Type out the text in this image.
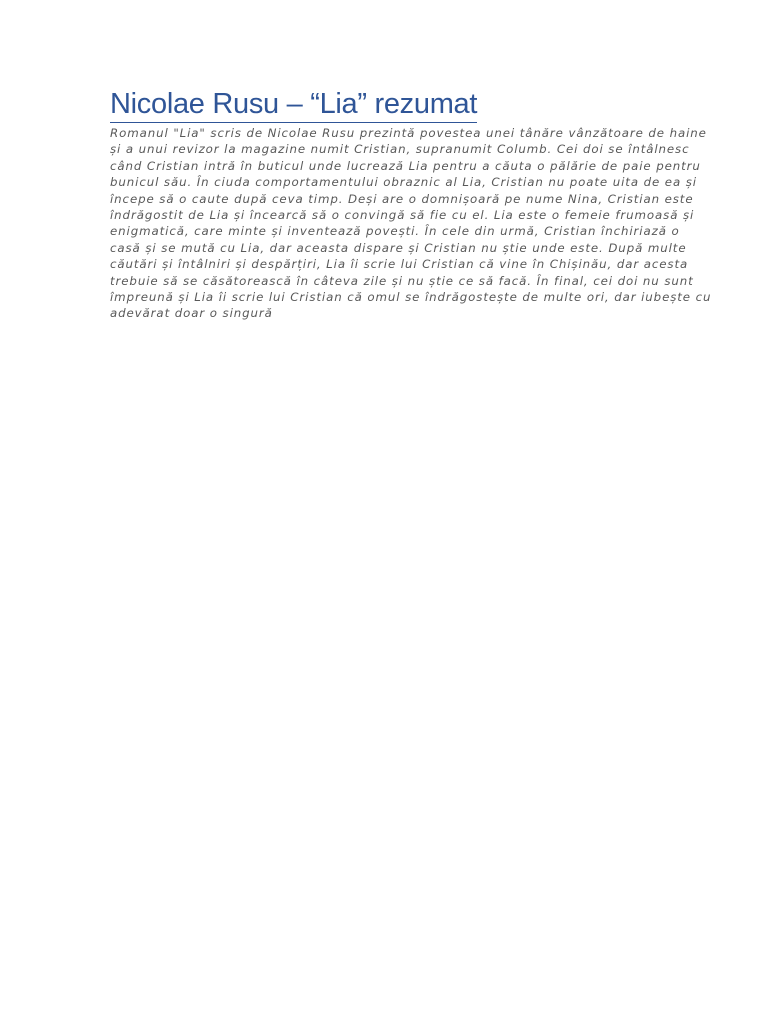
Nicolae Rusu – “Lia” rezumat

Romanul "Lia" scris de Nicolae Rusu prezintă povestea unei tânăre vânzătoare de haine și a unui revizor la magazine numit Cristian, supranumit Columb. Cei doi se întâlnesc când Cristian intră în buticul unde lucrează Lia pentru a căuta o pălărie de paie pentru bunicul său. În ciuda comportamentului obraznic al Lia, Cristian nu poate uita de ea și începe să o caute după ceva timp. Deși are o domnișoară pe nume Nina, Cristian este îndrăgostit de Lia și încearcă să o convingă să fie cu el. Lia este o femeie frumoasă și enigmatică, care minte și inventează povești. În cele din urmă, Cristian închiriază o casă și se mută cu Lia, dar aceasta dispare și Cristian nu știe unde este. După multe căutări și întâlniri și despărțiri, Lia îi scrie lui Cristian că vine în Chișinău, dar acesta trebuie să se căsătorească în câteva zile și nu știe ce să facă. În final, cei doi nu sunt împreună și Lia îi scrie lui Cristian că omul se îndrăgostește de multe ori, dar iubește cu adevărat doar o singură
